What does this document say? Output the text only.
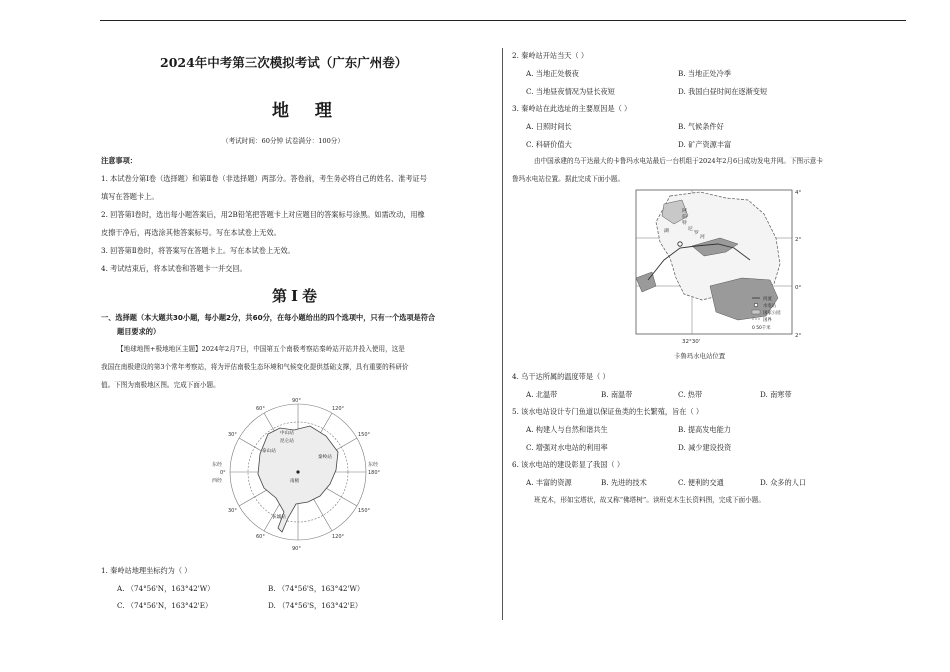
2024年中考第三次模拟考试（广东广州卷）
地 理
（考试时间：60分钟 试卷满分：100分）
注意事项：
1. 本试卷分第Ⅰ卷（选择题）和第Ⅱ卷（非选择题）两部分。答卷前，考生务必将自己的姓名、准考证号
填写在答题卡上。
2. 回答第Ⅰ卷时，选出每小题答案后，用2B铅笔把答题卡上对应题目的答案标号涂黑。如需改动，用橡
皮擦干净后，再选涂其他答案标号。写在本试卷上无效。
3. 回答第Ⅱ卷时，将答案写在答题卡上。写在本试卷上无效。
4. 考试结束后，将本试卷和答题卡一并交回。
第Ⅰ卷
一、选择题（本大题共30小题，每小题2分，共60分，在每小题给出的四个选项中，只有一个选项是符合
题目要求的）
【地球地图+极地地区主题】2024年2月7日，中国第五个南极考察站秦岭站开站并投入使用，这是
我国在南极建设的第3个常年考察站，将为评估南极生态环境和气候变化提供基础支撑，具有重要的科研价
值。下图为南极地区图。完成下面小题。
90°
60°	120°
30°	150°
东经
0°	180°
西经
东经
30°	150°
60°	120°
90°
中山站
昆仑站
秦岭站
长城站
南极
泰山站
1. 秦岭站地理坐标约为（ ）
A. （74°56'N，163°42'W）	B. （74°56'S，163°42'W）
C. （74°56'N，163°42'E）	D. （74°56'S，163°42'E）
2. 秦岭站开站当天（ ）
A. 当地正处极夜	B. 当地正处冷季
C. 当地昼夜情况为昼长夜短	D. 我国白昼时间在逐渐变短
3. 秦岭站在此选址的主要原因是（ ）
A. 日照时间长	B. 气候条件好
C. 科研价值大	D. 矿产资源丰富
由中国承建的乌干达最大的卡鲁玛水电站最后一台机组于2024年2月6日成功发电并网。下图示意卡
鲁玛水电站位置。据此完成下面小题。
阿
伯
特
尼
罗
河
湖
4°
2°
0°
2°
32°30'
河流
水电站
国家公园
国界
0 50千米
卡鲁玛水电站位置
4. 乌干达所属的温度带是（ ）
A. 北温带	B. 南温带	C. 热带	D. 南寒带
5. 该水电站设计专门鱼道以保证鱼类的生长繁殖，旨在（ ）
A. 构建人与自然和谐共生	B. 提高发电能力
C. 增强对水电站的利用率	D. 减少建设投资
6. 该水电站的建设彰显了我国（ ）
A. 丰富的资源	B. 先进的技术	C. 便利的交通	D. 众多的人口
班克木，形如宝塔状，故又称“佛塔树”。读班克木生长资料图，完成下面小题。
